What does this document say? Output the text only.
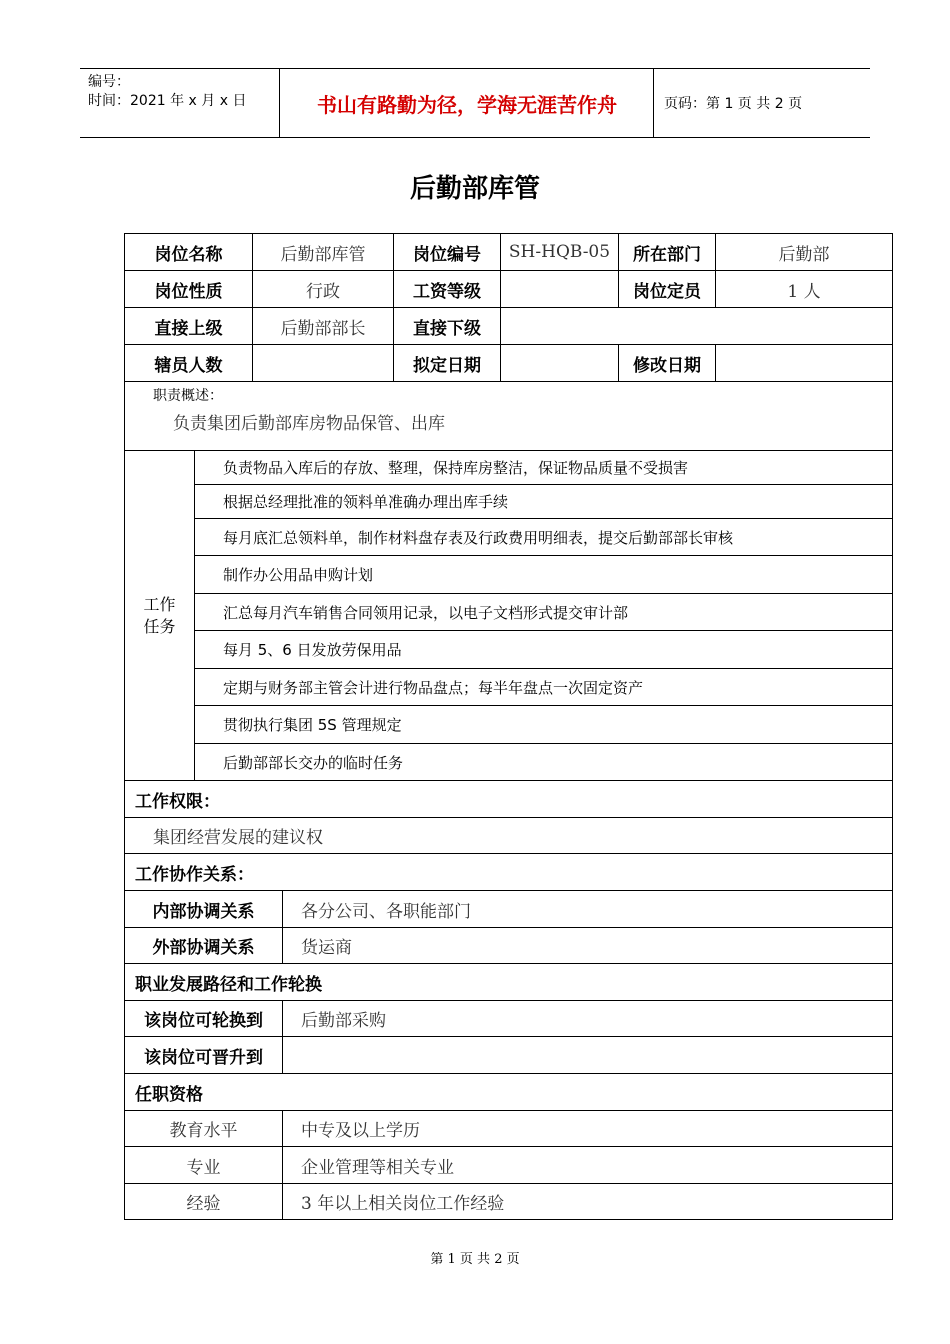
编号：
时间：2021 年 x 月 x 日	书山有路勤为径，学海无涯苦作舟	页码：第 1 页 共 2 页
后勤部库管
岗位名称		后勤部库管		岗位编号	SH-HQB-05	所在部门	后勤部
岗位性质		行政		工资等级		岗位定员	1 人
直接上级		后勤部部长		直接下级			
辖员人数				拟定日期		修改日期	

职责概述：
负责集团后勤部库房物品保管、出库							

工作
任务	负责物品入库后的存放、整理，保持库房整洁，保证物品质量不受损害						
	根据总经理批准的领料单准确办理出库手续						
	每月底汇总领料单，制作材料盘存表及行政费用明细表，提交后勤部部长审核						
	制作办公用品申购计划						
	汇总每月汽车销售合同领用记录，以电子文档形式提交审计部						
	每月 5、6 日发放劳保用品						
	定期与财务部主管会计进行物品盘点；每半年盘点一次固定资产						
	贯彻执行集团 5S 管理规定						
	后勤部部长交办的临时任务						
工作权限：							
集团经营发展的建议权							
工作协作关系：							
内部协调关系			各分公司、各职能部门				
外部协调关系			货运商				
职业发展路径和工作轮换							
该岗位可轮换到			后勤部采购				
该岗位可晋升到							
任职资格							
教育水平			中专及以上学历				
专业			企业管理等相关专业				
经验			3 年以上相关岗位工作经验				
第 1 页 共 2 页
